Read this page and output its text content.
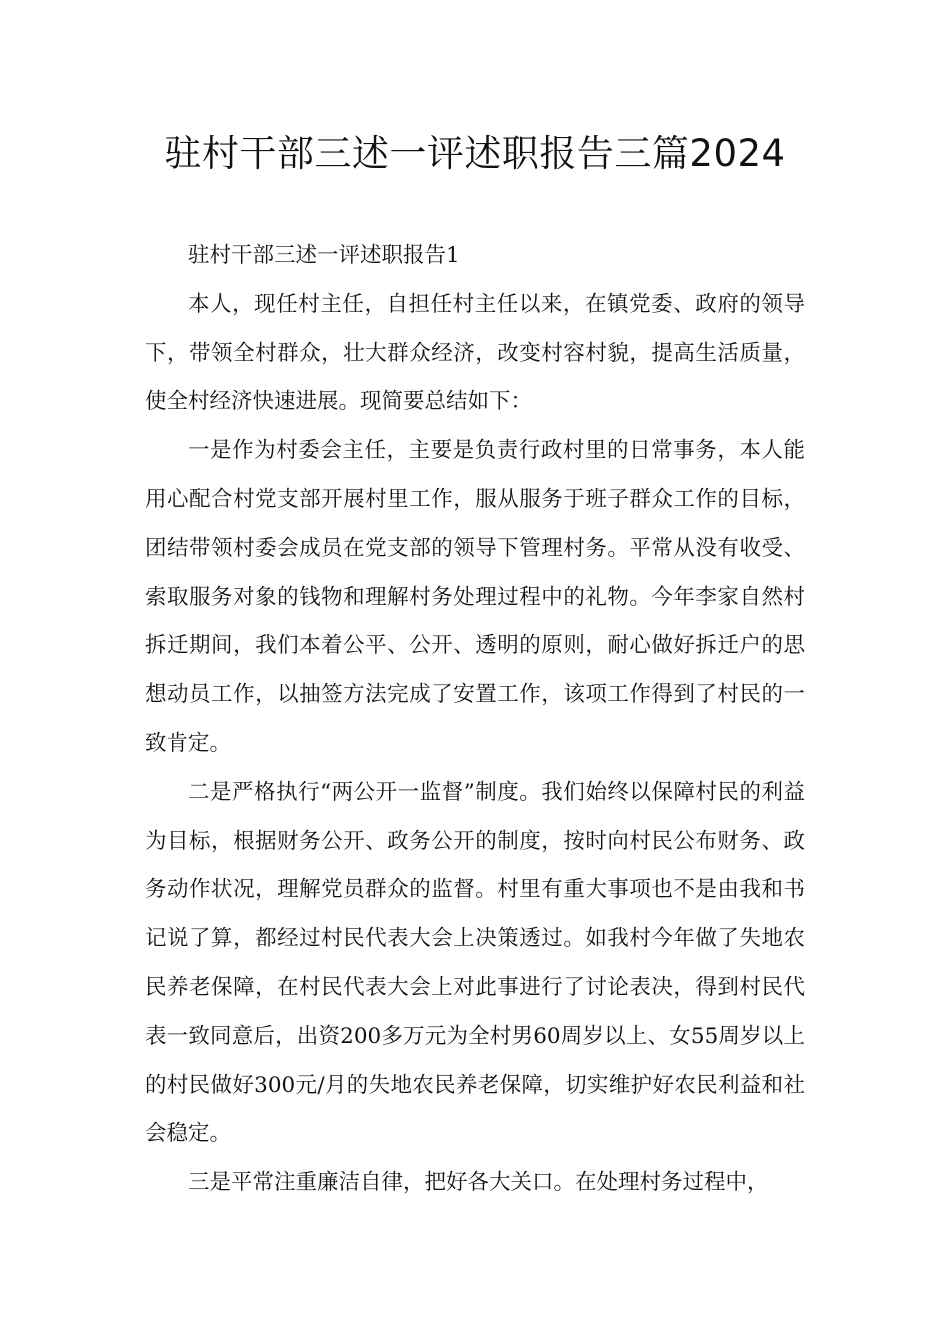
驻村干部三述一评述职报告三篇2024

驻村干部三述一评述职报告1

本人，现任村主任，自担任村主任以来，在镇党委、政府的领导下，带领全村群众，壮大群众经济，改变村容村貌，提高生活质量，使全村经济快速进展。现简要总结如下：

一是作为村委会主任，主要是负责行政村里的日常事务，本人能用心配合村党支部开展村里工作，服从服务于班子群众工作的目标，团结带领村委会成员在党支部的领导下管理村务。平常从没有收受、索取服务对象的钱物和理解村务处理过程中的礼物。今年李家自然村拆迁期间，我们本着公平、公开、透明的原则，耐心做好拆迁户的思想动员工作，以抽签方法完成了安置工作，该项工作得到了村民的一致肯定。

二是严格执行“两公开一监督”制度。我们始终以保障村民的利益为目标，根据财务公开、政务公开的制度，按时向村民公布财务、政务动作状况，理解党员群众的监督。村里有重大事项也不是由我和书记说了算，都经过村民代表大会上决策透过。如我村今年做了失地农民养老保障，在村民代表大会上对此事进行了讨论表决，得到村民代表一致同意后，出资200多万元为全村男60周岁以上、女55周岁以上的村民做好300元/月的失地农民养老保障，切实维护好农民利益和社会稳定。

三是平常注重廉洁自律，把好各大关口。在处理村务过程中，
